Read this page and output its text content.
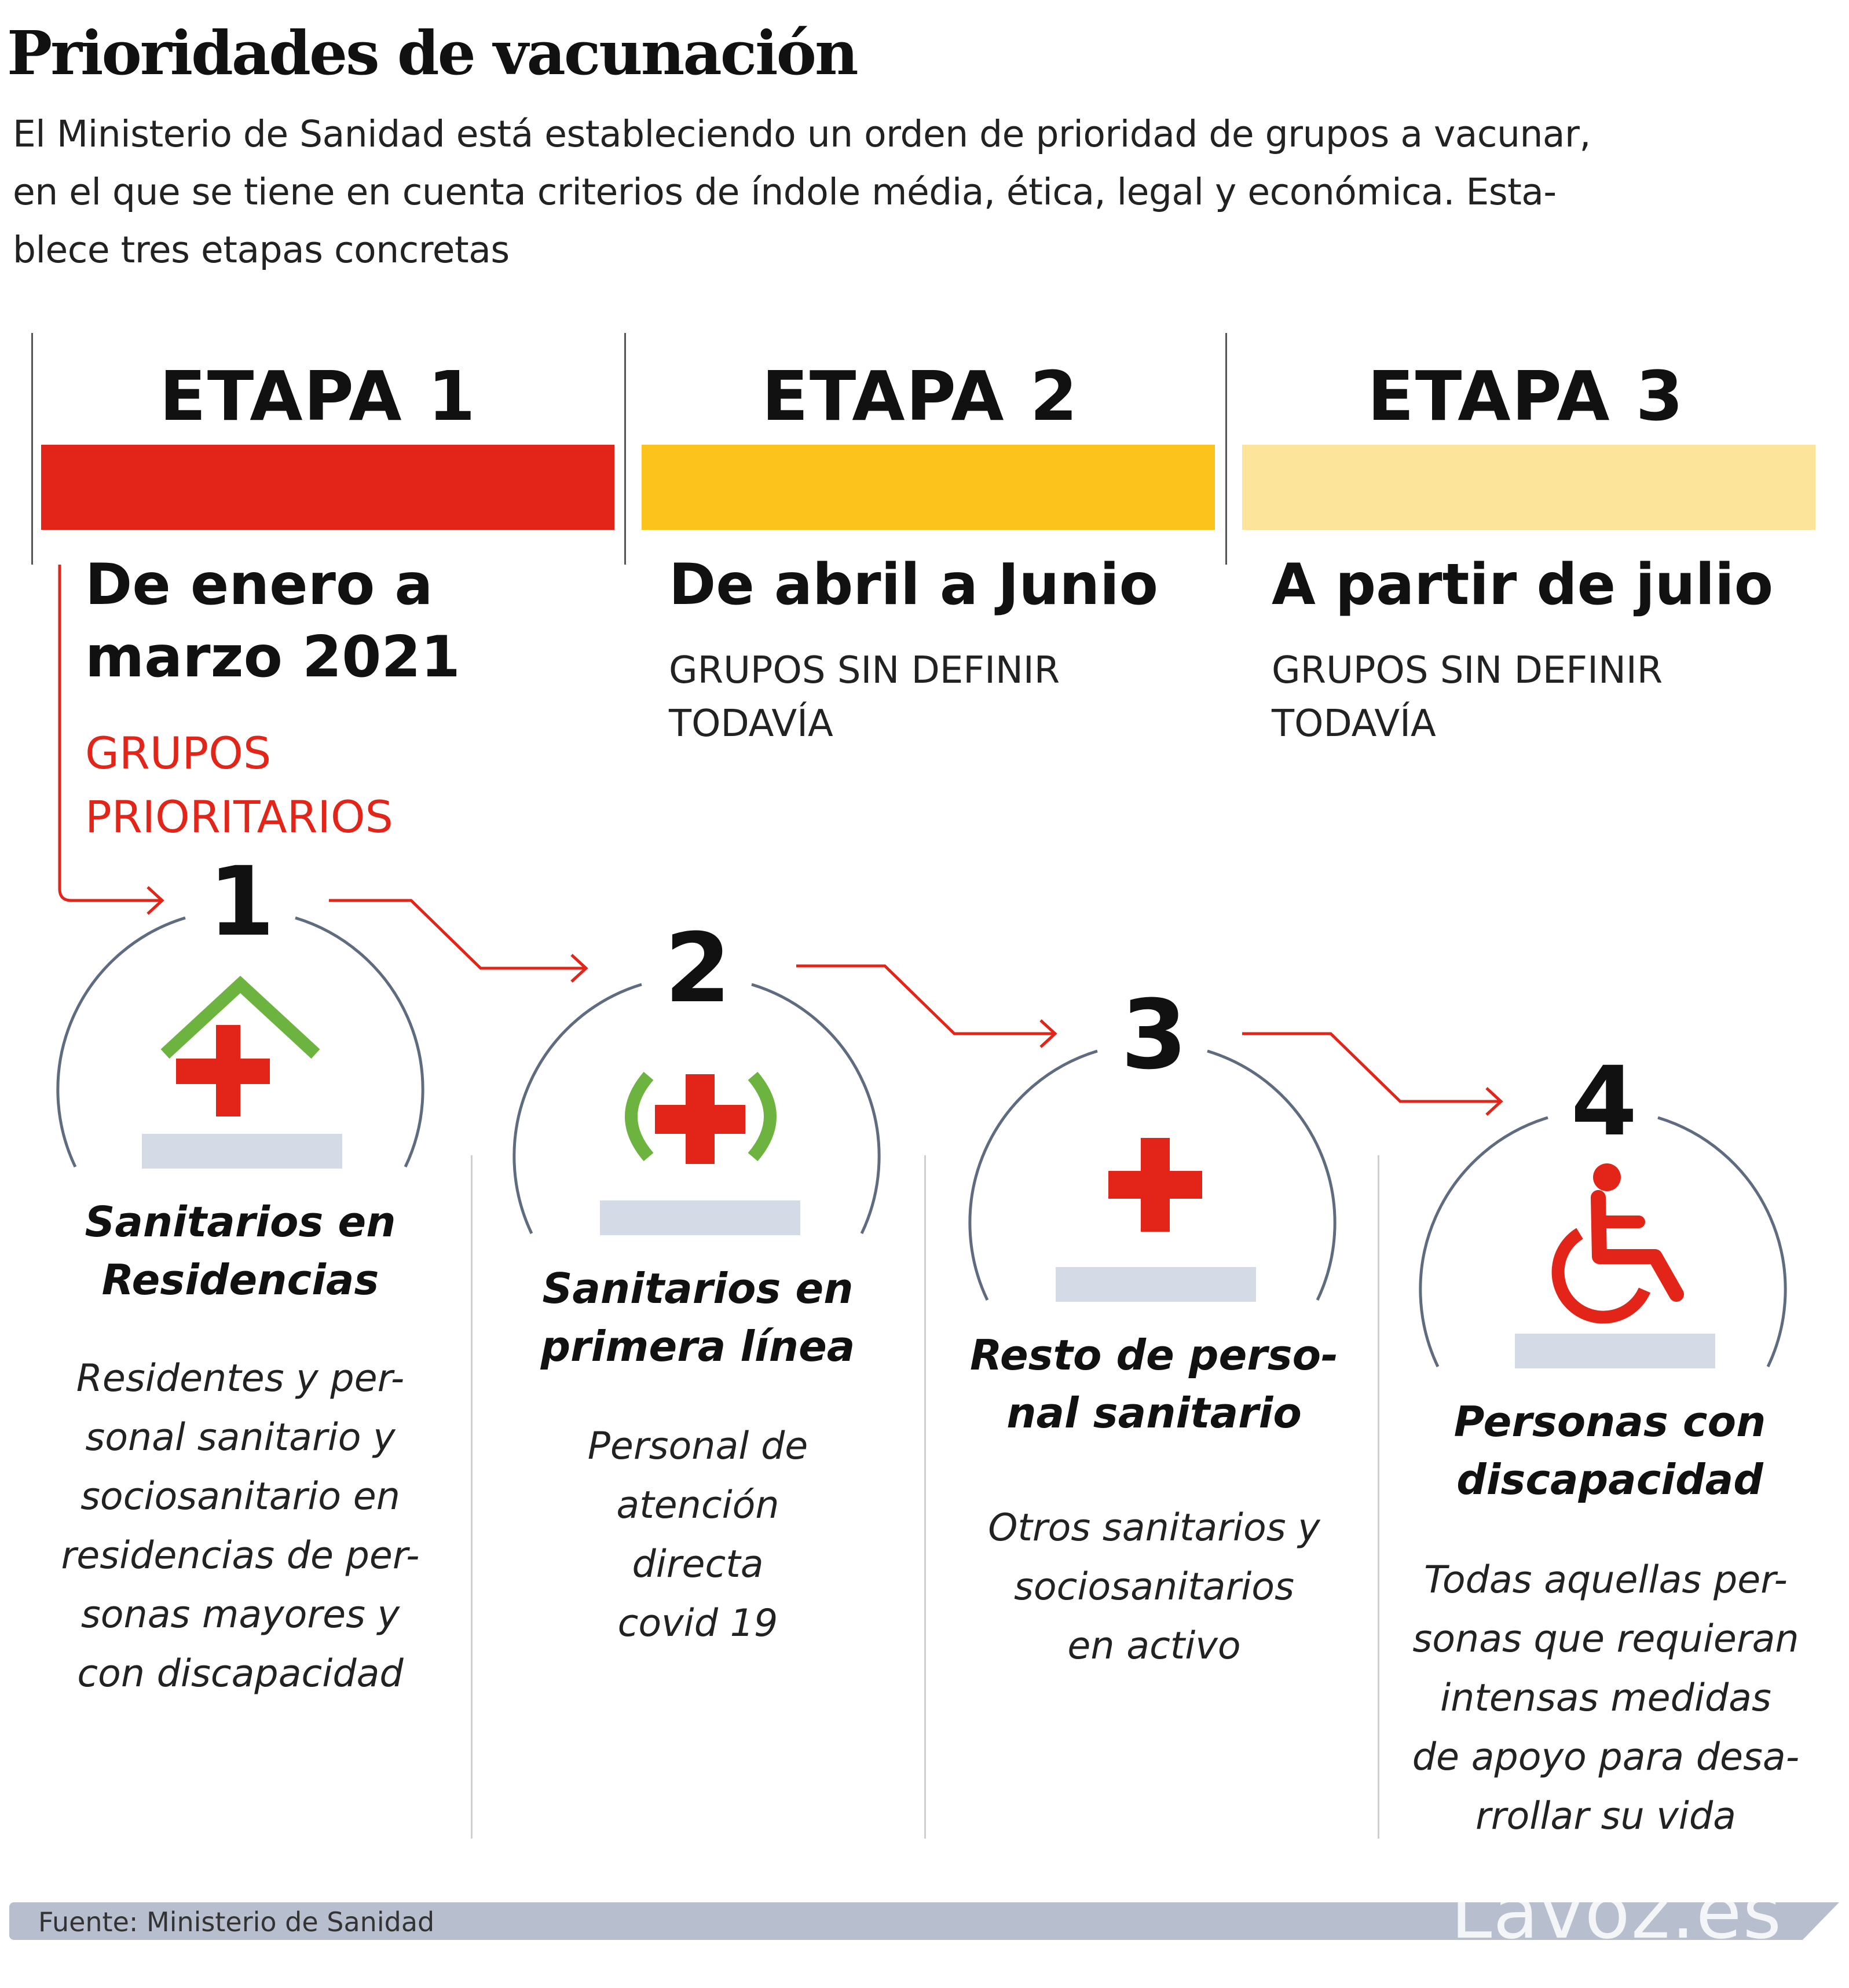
Prioridades de vacunación
El Ministerio de Sanidad está estableciendo un orden de prioridad de grupos a vacunar,
en el que se tiene en cuenta criterios de índole média, ética, legal y económica. Esta-
blece tres etapas concretas
ETAPA 1
De enero a
marzo 2021
GRUPOS
PRIORITARIOS
ETAPA 2
De abril a Junio
GRUPOS SIN DEFINIR
TODAVÍA
ETAPA 3
A partir de julio
GRUPOS SIN DEFINIR
TODAVÍA
1
2
3
4
Sanitarios en
Residencias
Residentes y per-
sonal sanitario y
sociosanitario en
residencias de per-
sonas mayores y
con discapacidad
Sanitarios en
primera línea
Personal de
atención
directa
covid 19
Resto de perso-
nal sanitario
Otros sanitarios y
sociosanitarios
en activo
Personas con
discapacidad
Todas aquellas per-
sonas que requieran
intensas medidas
de apoyo para desa-
rrollar su vida
Fuente: Ministerio de Sanidad	Lavoz.es
